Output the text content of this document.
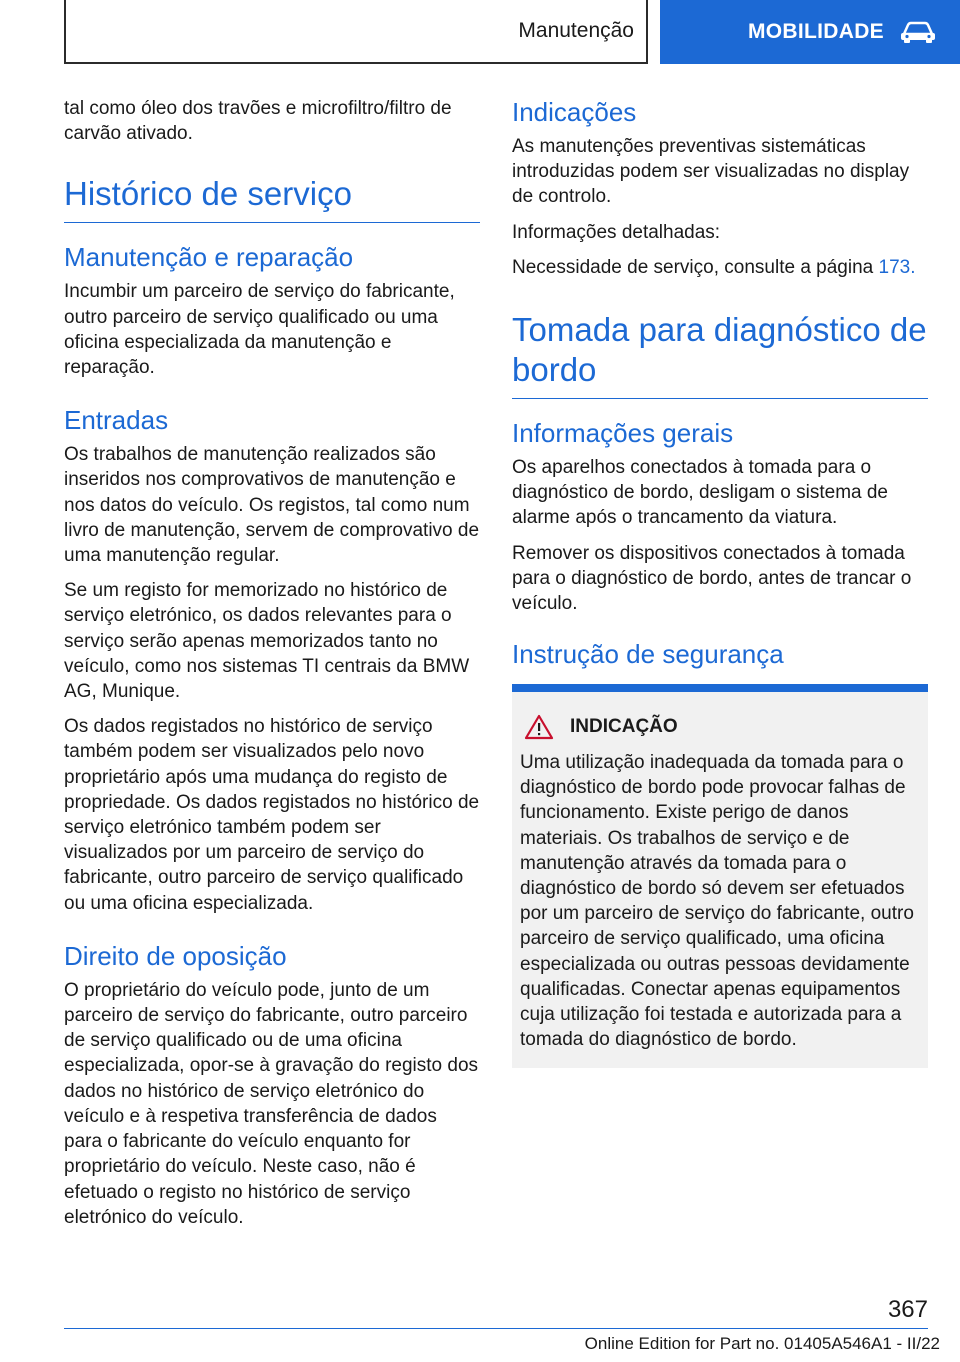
Manutenção	MOBILIDADE

tal como óleo dos travões e microfiltro/filtro de carvão ativado.

Histórico de serviço
Manutenção e reparação

Incumbir um parceiro de serviço do fabricante, outro parceiro de serviço qualificado ou uma oficina especializada da manutenção e reparação.

Entradas

Os trabalhos de manutenção realizados são inseridos nos comprovativos de manutenção e nos datos do veículo. Os registos, tal como num livro de manutenção, servem de comprovativo de uma manutenção regular.

Se um registo for memorizado no histórico de serviço eletrónico, os dados relevantes para o serviço serão apenas memorizados tanto no veículo, como nos sistemas TI centrais da BMW AG, Munique.

Os dados registados no histórico de serviço também podem ser visualizados pelo novo proprietário após uma mudança do registo de propriedade. Os dados registados no histórico de serviço eletrónico também podem ser visualizados por um parceiro de serviço do fabricante, outro parceiro de serviço qualificado ou uma oficina especializada.

Direito de oposição

O proprietário do veículo pode, junto de um parceiro de serviço do fabricante, outro parceiro de serviço qualificado ou de uma oficina especializada, opor-se à gravação do registo dos dados no histórico de serviço eletrónico do veículo e à respetiva transferência de dados para o fabricante do veículo enquanto for proprietário do veículo. Neste caso, não é efetuado o registo no histórico de serviço eletrónico do veículo.

Indicações

As manutenções preventivas sistemáticas introduzidas podem ser visualizadas no display de controlo.

Informações detalhadas:

Necessidade de serviço, consulte a página 173.

Tomada para diagnóstico de bordo
Informações gerais

Os aparelhos conectados à tomada para o diagnóstico de bordo, desligam o sistema de alarme após o trancamento da viatura.

Remover os dispositivos conectados à tomada para o diagnóstico de bordo, antes de trancar o veículo.

Instrução de segurança
INDICAÇÃO

Uma utilização inadequada da tomada para o diagnóstico de bordo pode provocar falhas de funcionamento. Existe perigo de danos materiais. Os trabalhos de serviço e de manutenção através da tomada para o diagnóstico de bordo só devem ser efetuados por um parceiro de serviço do fabricante, outro parceiro de serviço qualificado, uma oficina especializada ou outras pessoas devidamente qualificadas. Conectar apenas equipamentos cuja utilização foi testada e autorizada para a tomada do diagnóstico de bordo.

367
Online Edition for Part no. 01405A546A1 - II/22
